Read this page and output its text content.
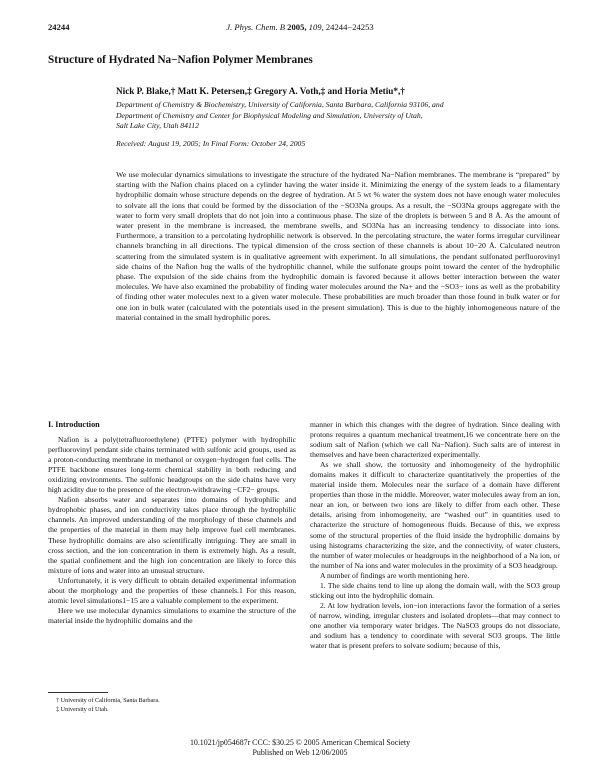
24244	J. Phys. Chem. B 2005, 109, 24244−24253
Structure of Hydrated Na−Nafion Polymer Membranes
Nick P. Blake,† Matt K. Petersen,‡ Gregory A. Voth,‡ and Horia Metiu*,†
Department of Chemistry & Biochemistry, University of California, Santa Barbara, California 93106, and
Department of Chemistry and Center for Biophysical Modeling and Simulation, University of Utah,
Salt Lake City, Utah 84112
Received: August 19, 2005; In Final Form: October 24, 2005
We use molecular dynamics simulations to investigate the structure of the hydrated Na−Nafion membranes. The membrane is “prepared” by starting with the Nafion chains placed on a cylinder having the water inside it. Minimizing the energy of the system leads to a filamentary hydrophilic domain whose structure depends on the degree of hydration. At 5 wt % water the system does not have enough water molecules to solvate all the ions that could be formed by the dissociation of the −SO3Na groups. As a result, the −SO3Na groups aggregate with the water to form very small droplets that do not join into a continuous phase. The size of the droplets is between 5 and 8 Å. As the amount of water present in the membrane is increased, the membrane swells, and SO3Na has an increasing tendency to dissociate into ions. Furthermore, a transition to a percolating hydrophilic network is observed. In the percolating structure, the water forms irregular curvilinear channels branching in all directions. The typical dimension of the cross section of these channels is about 10−20 Å. Calculated neutron scattering from the simulated system is in qualitative agreement with experiment. In all simulations, the pendant sulfonated perfluorovinyl side chains of the Nafion hug the walls of the hydrophilic channel, while the sulfonate groups point toward the center of the hydrophilic phase. The expulsion of the side chains from the hydrophilic domain is favored because it allows better interaction between the water molecules. We have also examined the probability of finding water molecules around the Na+ and the −SO3− ions as well as the probability of finding other water molecules next to a given water molecule. These probabilities are much broader than those found in bulk water or for one ion in bulk water (calculated with the potentials used in the present simulation). This is due to the highly inhomogeneous nature of the material contained in the small hydrophilic pores.
I. Introduction

Nafion is a poly(tetrafluoroethylene) (PTFE) polymer with hydrophilic perfluorovinyl pendant side chains terminated with sulfonic acid groups, used as a proton-conducting membrane in methanol or oxygen−hydrogen fuel cells. The PTFE backbone ensures long-term chemical stability in both reducing and oxidizing environments. The sulfonic headgroups on the side chains have very high acidity due to the presence of the electron-withdrawing −CF2− groups.

Nafion absorbs water and separates into domains of hydrophilic and hydrophobic phases, and ion conductivity takes place through the hydrophilic channels. An improved understanding of the morphology of these channels and the properties of the material in them may help improve fuel cell membranes. These hydrophilic domains are also scientifically intriguing. They are small in cross section, and the ion concentration in them is extremely high. As a result, the spatial confinement and the high ion concentration are likely to force this mixture of ions and water into an unusual structure.

Unfortunately, it is very difficult to obtain detailed experimental information about the morphology and the properties of these channels.1 For this reason, atomic level simulations1−15 are a valuable complement to the experiment.

Here we use molecular dynamics simulations to examine the structure of the material inside the hydrophilic domains and the

manner in which this changes with the degree of hydration. Since dealing with protons requires a quantum mechanical treatment,16 we concentrate here on the sodium salt of Nafion (which we call Na−Nafion). Such salts are of interest in themselves and have been characterized experimentally.

As we shall show, the tortuosity and inhomogeneity of the hydrophilic domains makes it difficult to characterize quantitatively the properties of the material inside them. Molecules near the surface of a domain have different properties than those in the middle. Moreover, water molecules away from an ion, near an ion, or between two ions are likely to differ from each other. These details, arising from inhomogeneity, are “washed out” in quantities used to characterize the structure of homogeneous fluids. Because of this, we express some of the structural properties of the fluid inside the hydrophilic domains by using histograms characterizing the size, and the connectivity, of water clusters, the number of water molecules or headgroups in the neighborhood of a Na ion, or the number of Na ions and water molecules in the proximity of a SO3 headgroup.

A number of findings are worth mentioning here.

1. The side chains tend to line up along the domain wall, with the SO3 group sticking out into the hydrophilic domain.

2. At low hydration levels, ion−ion interactions favor the formation of a series of narrow, winding, irregular clusters and isolated droplets—that may connect to one another via temporary water bridges. The NaSO3 groups do not dissociate, and sodium has a tendency to coordinate with several SO3 groups. The little water that is present prefers to solvate sodium; because of this,

† University of California, Santa Barbara.
‡ University of Utah.
10.1021/jp054687r CCC: $30.25 © 2005 American Chemical Society
Published on Web 12/06/2005
